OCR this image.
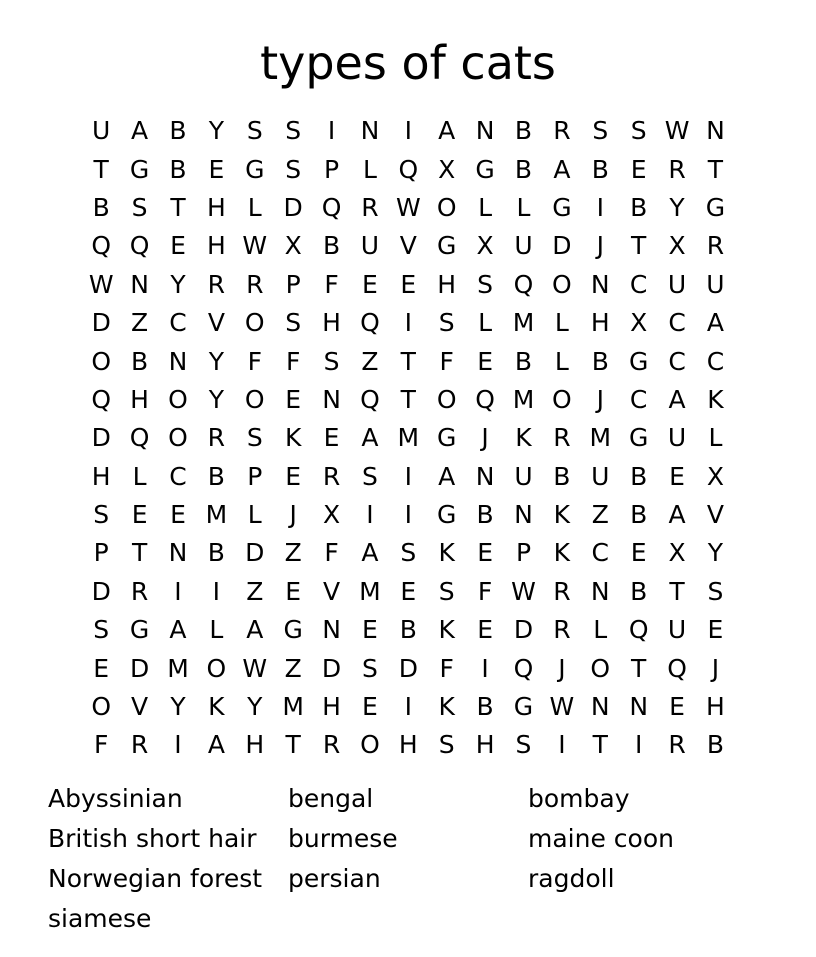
types of cats
U A B Y S S	I	N	I	A N B R S S W N
T G B E G S P L Q X G B A B E R T
B S T H L D Q R W O L L G	I	B Y G
Q Q E H W X B U V G X U D	J	T X R
W N Y R R P F E E H S Q O N C U U
D Z C V O S H Q I	S L M L H X C A
O B N Y F F S Z T F E B L B G C C
Q H O Y O E N Q T O Q M O J	C A K
D Q O R S K E A M G	J	K R M G U L
H L C B P E R S	I	A N U B U B E X
S E E M L	J	X	I	I	G B N K Z B A V
P T N B D Z F A S K E P K C E X Y
D R	I	I	Z E V M E S F W R N B T S
S G A L A G N E B K E D R L Q U E
E D M O W Z D S D F	I Q J O T Q J
O V Y K Y M H E	I	K B G W N N E H
F R	I	A H T R O H S H S	I	T	I	R B
Abyssinian	bengal	bombay
British short hair	burmese	maine coon
Norwegian forest	persian	ragdoll
siamese
